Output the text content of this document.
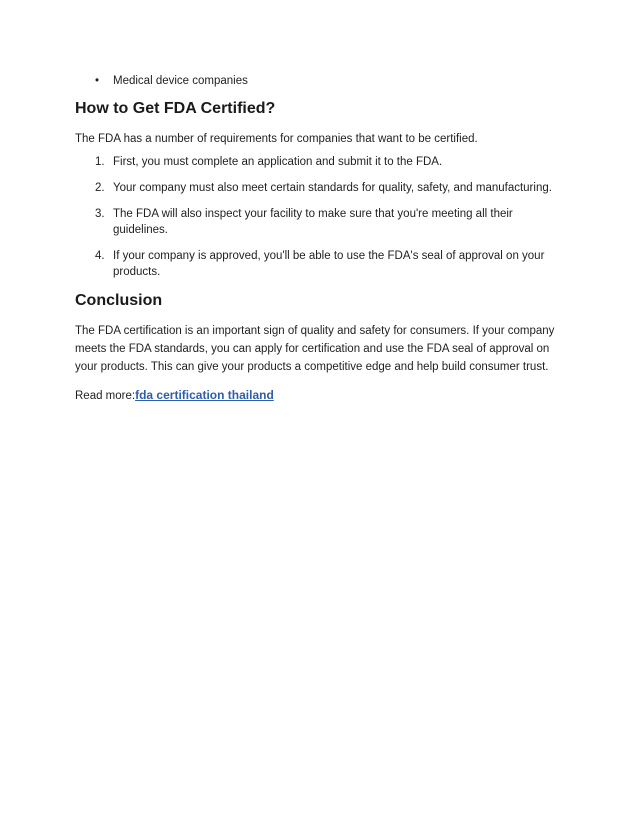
• Medical device companies
How to Get FDA Certified?

The FDA has a number of requirements for companies that want to be certified.

1. First, you must complete an application and submit it to the FDA.
2. Your company must also meet certain standards for quality, safety, and manufacturing.
3. The FDA will also inspect your facility to make sure that you're meeting all their guidelines.
4. If your company is approved, you'll be able to use the FDA's seal of approval on your products.
Conclusion

The FDA certification is an important sign of quality and safety for consumers. If your company meets the FDA standards, you can apply for certification and use the FDA seal of approval on your products. This can give your products a competitive edge and help build consumer trust.

Read more:fda certification thailand
